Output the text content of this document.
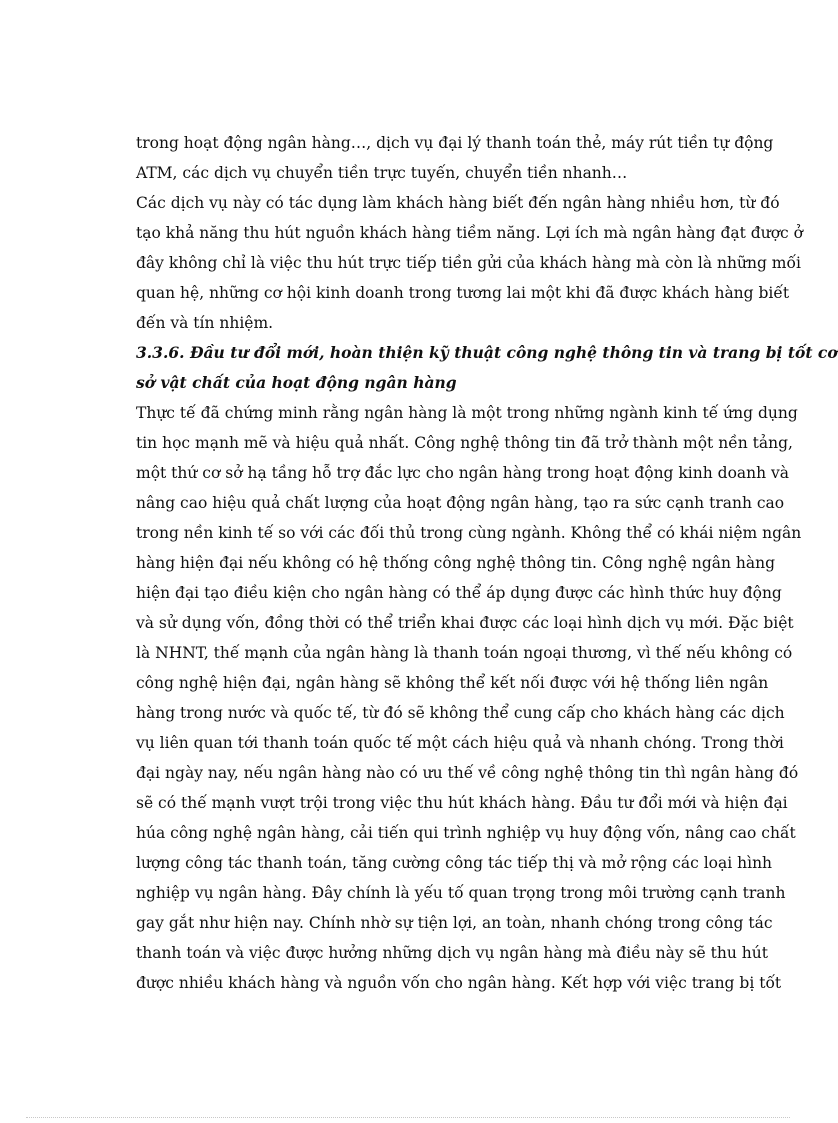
trong hoạt động ngân hàng…, dịch vụ đại lý thanh toán thẻ, máy rút tiền tự động
ATM, các dịch vụ chuyển tiền trực tuyến, chuyển tiền nhanh…
Các dịch vụ này có tác dụng làm khách hàng biết đến ngân hàng nhiều hơn, từ đó
tạo khả năng thu hút nguồn khách hàng tiềm năng. Lợi ích mà ngân hàng đạt được ở
đây không chỉ là việc thu hút trực tiếp tiền gửi của khách hàng mà còn là những mối
quan hệ, những cơ hội kinh doanh trong tương lai một khi đã được khách hàng biết
đến và tín nhiệm.
3.3.6. Đầu tư đổi mới, hoàn thiện kỹ thuật công nghệ thông tin và trang bị tốt cơ
sở vật chất của hoạt động ngân hàng
Thực tế đã chứng minh rằng ngân hàng là một trong những ngành kinh tế ứng dụng
tin học mạnh mẽ và hiệu quả nhất. Công nghệ thông tin đã trở thành một nền tảng,
một thứ cơ sở hạ tầng hỗ trợ đắc lực cho ngân hàng trong hoạt động kinh doanh và
nâng cao hiệu quả chất lượng của hoạt động ngân hàng, tạo ra sức cạnh tranh cao
trong nền kinh tế so với các đối thủ trong cùng ngành. Không thể có khái niệm ngân
hàng hiện đại nếu không có hệ thống công nghệ thông tin. Công nghệ ngân hàng
hiện đại tạo điều kiện cho ngân hàng có thể áp dụng được các hình thức huy động
và sử dụng vốn, đồng thời có thể triển khai được các loại hình dịch vụ mới. Đặc biệt
là NHNT, thế mạnh của ngân hàng là thanh toán ngoại thương, vì thế nếu không có
công nghệ hiện đại, ngân hàng sẽ không thể kết nối được với hệ thống liên ngân
hàng trong nước và quốc tế, từ đó sẽ không thể cung cấp cho khách hàng các dịch
vụ liên quan tới thanh toán quốc tế một cách hiệu quả và nhanh chóng. Trong thời
đại ngày nay, nếu ngân hàng nào có ưu thế về công nghệ thông tin thì ngân hàng đó
sẽ có thế mạnh vượt trội trong việc thu hút khách hàng. Đầu tư đổi mới và hiện đại
húa công nghệ ngân hàng, cải tiến qui trình nghiệp vụ huy động vốn, nâng cao chất
lượng công tác thanh toán, tăng cường công tác tiếp thị và mở rộng các loại hình
nghiệp vụ ngân hàng. Đây chính là yếu tố quan trọng trong môi trường cạnh tranh
gay gắt như hiện nay. Chính nhờ sự tiện lợi, an toàn, nhanh chóng trong công tác
thanh toán và việc được hưởng những dịch vụ ngân hàng mà điều này sẽ thu hút
được nhiều khách hàng và nguồn vốn cho ngân hàng. Kết hợp với việc trang bị tốt
